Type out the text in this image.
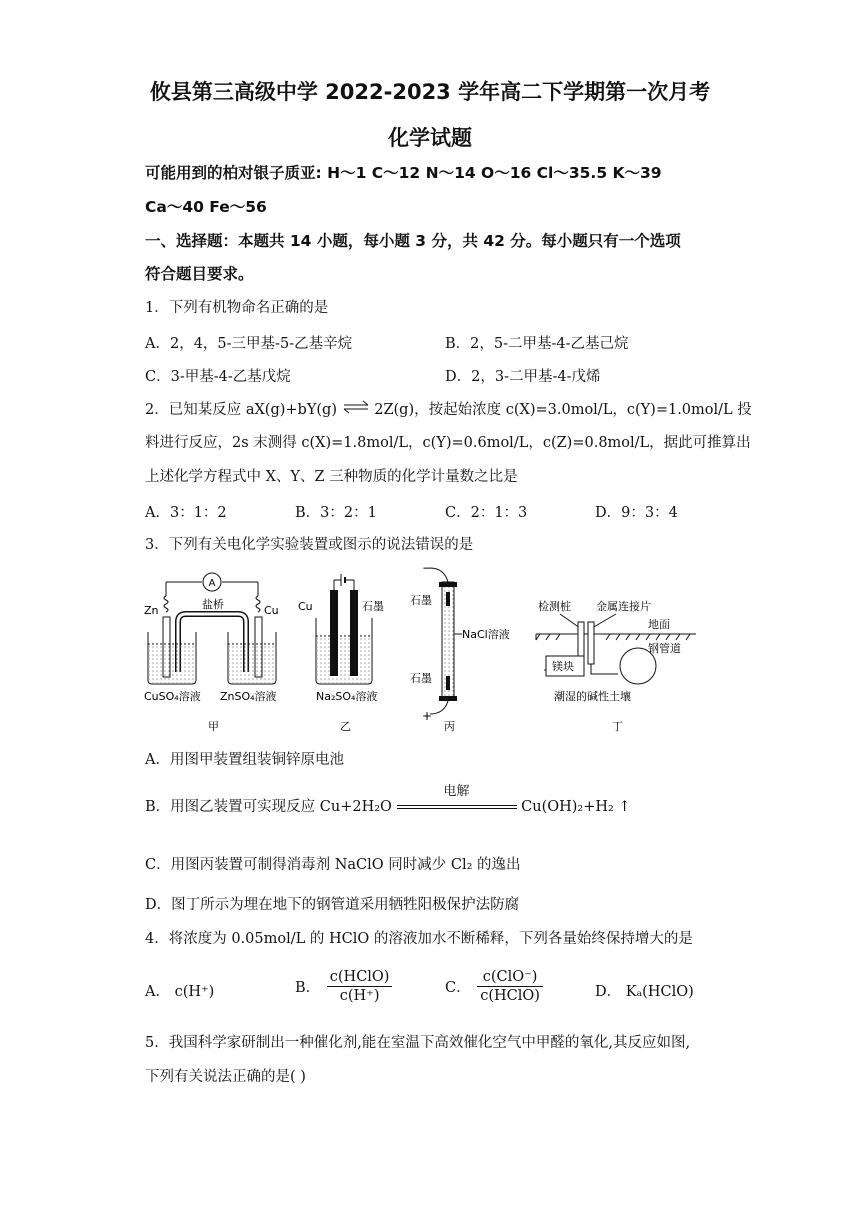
攸县第三高级中学 2022-2023 学年高二下学期第一次月考
化学试题
可能用到的柏对银子质亚: H～1 C～12 N～14 O～16 Cl～35.5 K～39
Ca～40 Fe～56
一、选择题：本题共 14 小题，每小题 3 分，共 42 分。每小题只有一个选项
符合题目要求。
1．下列有机物命名正确的是
A．2，4，5-三甲基-5-乙基辛烷	B．2，5-二甲基-4-乙基己烷
C．3-甲基-4-乙基戊烷	D．2，3-二甲基-4-戊烯
2．已知某反应 aX(g)+bY(g) ⇌ 2Z(g)，按起始浓度 c(X)=3.0mol/L，c(Y)=1.0mol/L 投
料进行反应，2s 末测得 c(X)=1.8mol/L，c(Y)=0.6mol/L，c(Z)=0.8mol/L，据此可推算出
上述化学方程式中 X、Y、Z 三种物质的化学计量数之比是
A．3：1：2	B．3：2：1	C．2：1：3	D．9：3：4
3．下列有关电化学实验装置或图示的说法错误的是
A
Zn	Cu
盐桥
CuSO₄溶液 ZnSO₄溶液
甲
Cu	石墨
Na₂SO₄溶液
乙
−
石墨
石墨
NaCl溶液
+
丙
检测桩 金属连接片
地面
镁块
钢管道
潮湿的碱性土壤
丁
A．用图甲装置组装铜锌原电池
B．用图乙装置可实现反应 Cu+2H₂O
电解
Cu(OH)₂+H₂ ↑
C．用图丙装置可制得消毒剂 NaClO 同时减少 Cl₂ 的逸出
D．图丁所示为埋在地下的钢管道采用牺牲阳极保护法防腐
4．将浓度为 0.05mol/L 的 HClO 的溶液加水不断稀释，下列各量始终保持增大的是
A． c(H⁺)	B． $\frac{\text{c(HClO)}}{c(H^+)}$	C． $\frac{\text{c(ClO⁻)}}{\text{c(HClO)}}$	D． Kₐ(HClO)
5．我国科学家研制出一种催化剂,能在室温下高效催化空气中甲醛的氧化,其反应如图,
下列有关说法正确的是( )
